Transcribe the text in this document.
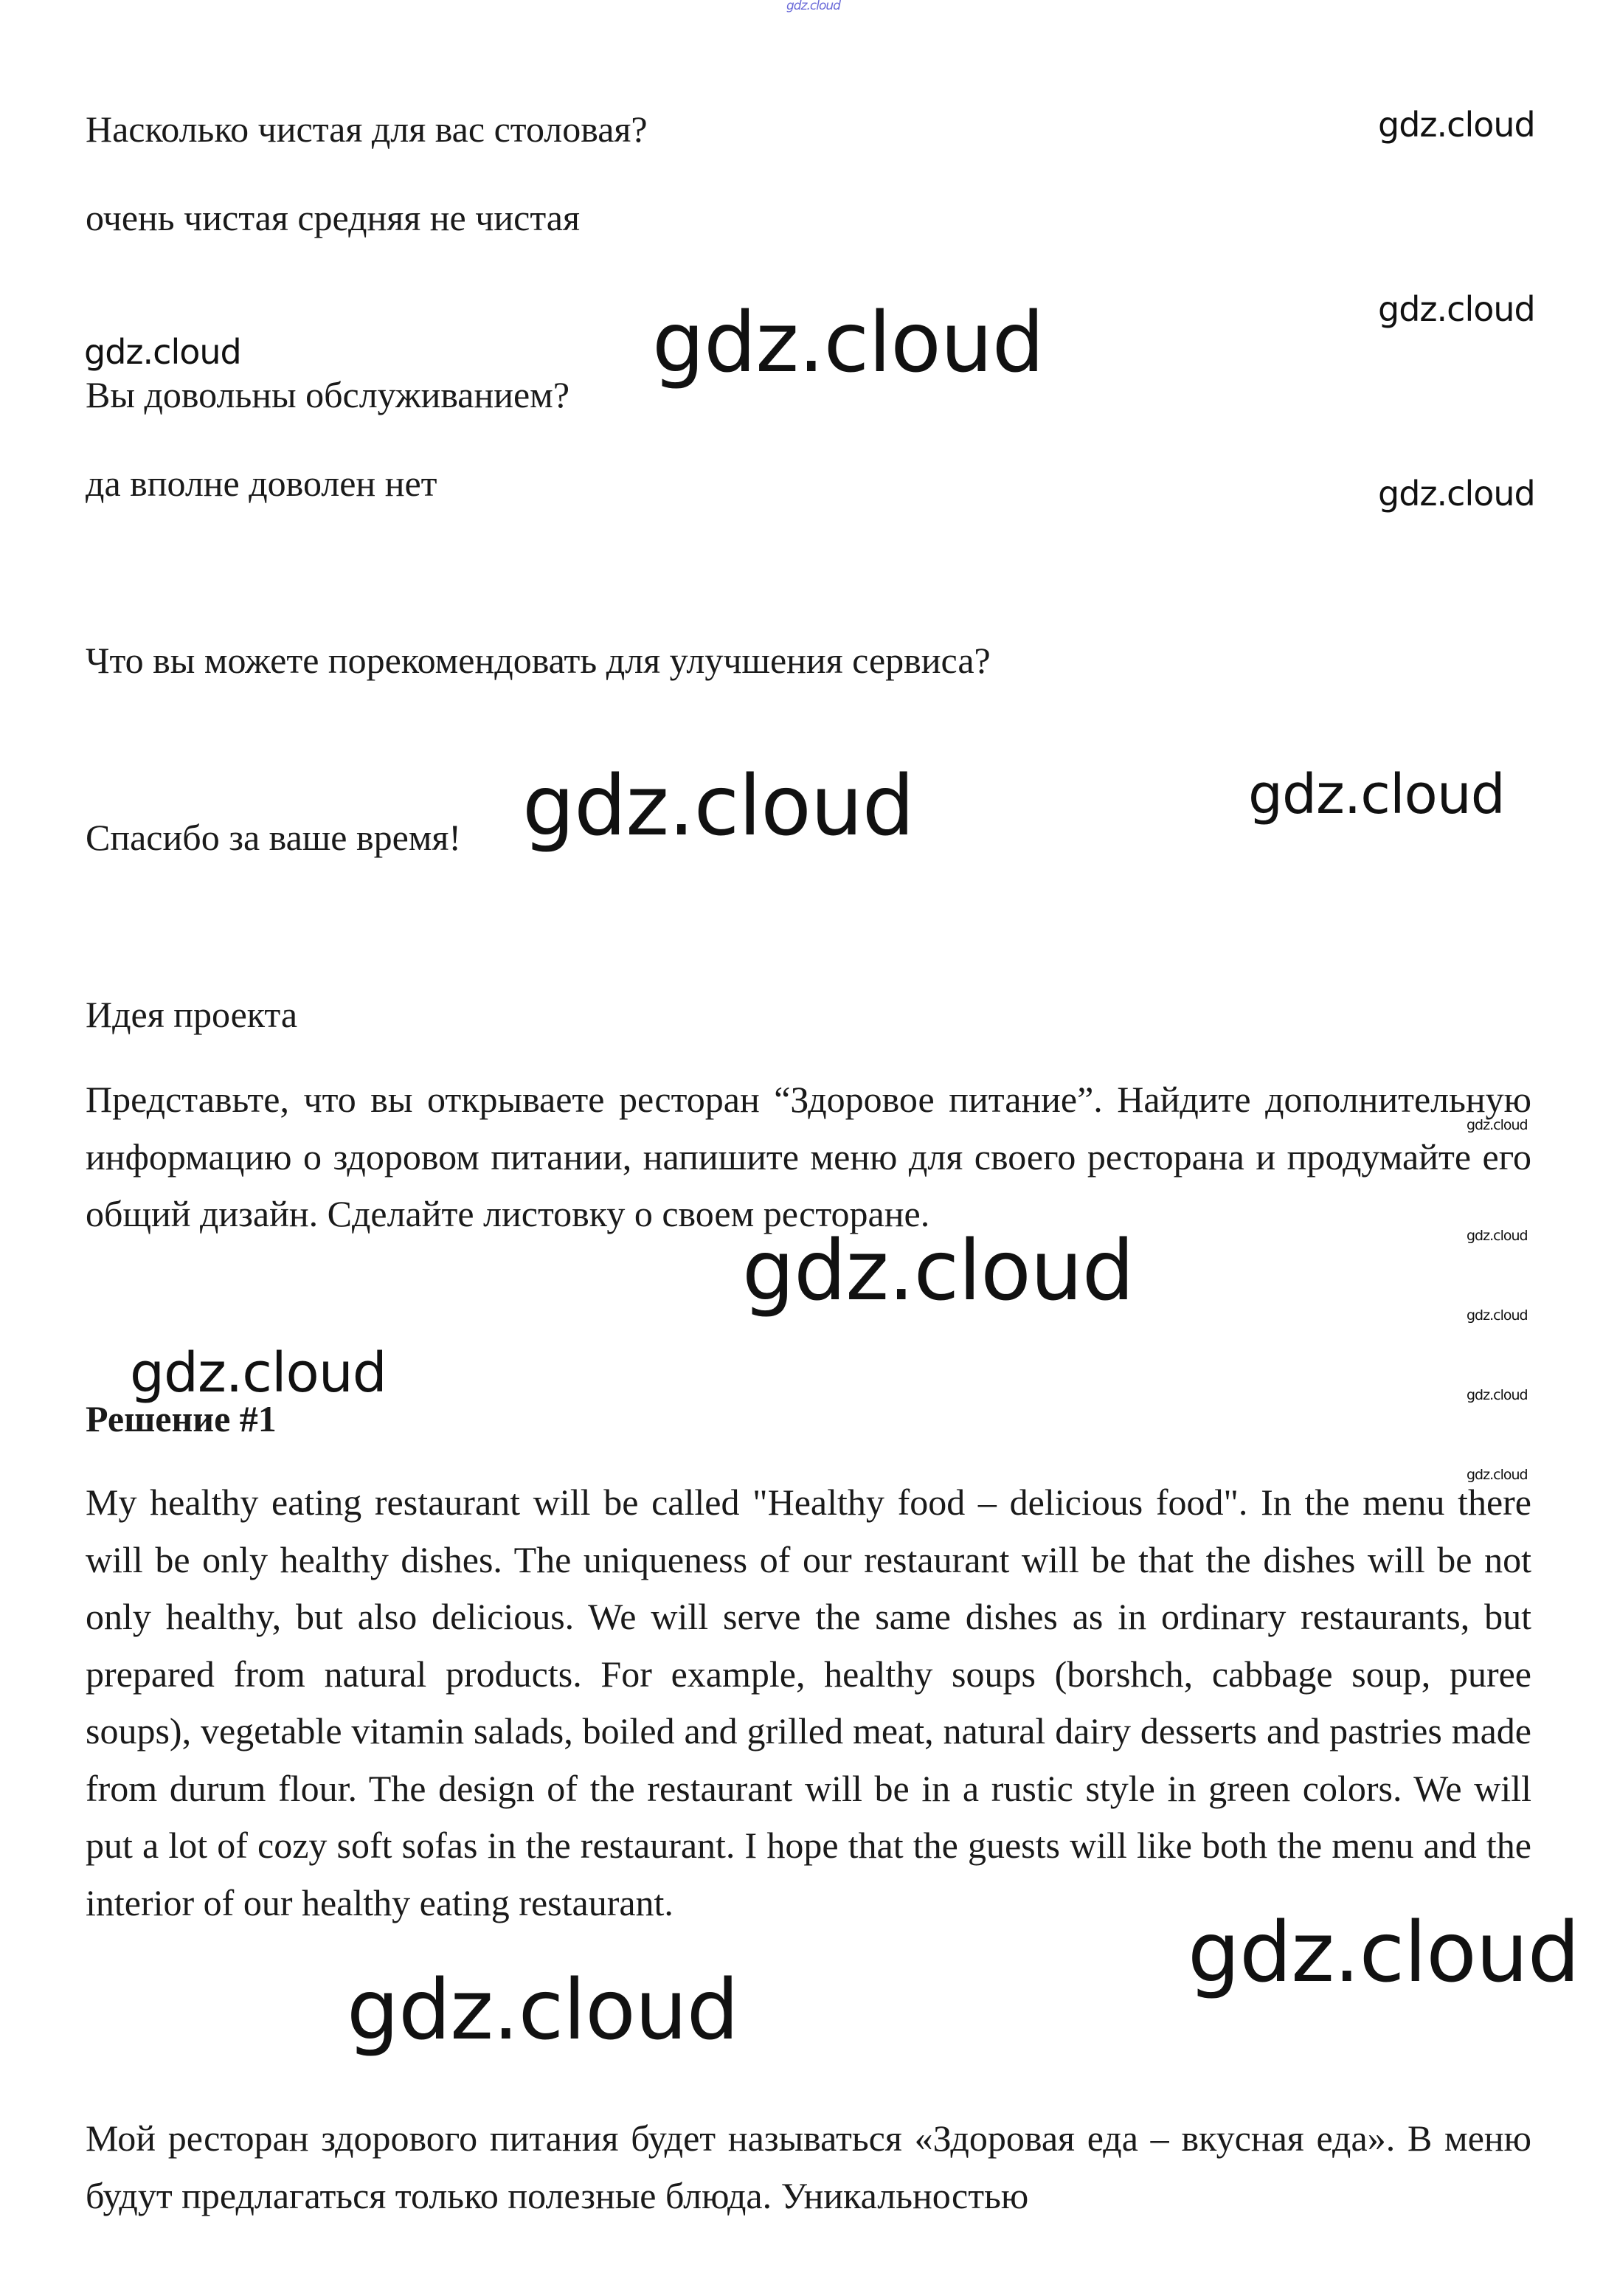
gdz.cloud
Насколько чистая для вас столовая?
очень чистая средняя не чистая
Вы довольны обслуживанием?
да вполне доволен нет
Что вы можете порекомендовать для улучшения сервиса?
Спасибо за ваше время!
Идея проекта
Представьте, что вы открываете ресторан “Здоровое питание”. Найдите дополнительную информацию о здоровом питании, напишите меню для своего ресторана и продумайте его общий дизайн. Сделайте листовку о своем ресторане.
Решение #1
My healthy eating restaurant will be called "Healthy food – delicious food". In the menu there will be only healthy dishes. The uniqueness of our restaurant will be that the dishes will be not only healthy, but also delicious. We will serve the same dishes as in ordinary restaurants, but prepared from natural products. For example, healthy soups (borshch, cabbage soup, puree soups), vegetable vitamin salads, boiled and grilled meat, natural dairy desserts and pastries made from durum flour. The design of the restaurant will be in a rustic style in green colors. We will put a lot of cozy soft sofas in the restaurant. I hope that the guests will like both the menu and the interior of our healthy eating restaurant.
Мой ресторан здорового питания будет называться «Здоровая еда – вкусная еда». В меню будут предлагаться только полезные блюда. Уникальностью
gdz.cloud
gdz.cloud
gdz.cloud
gdz.cloud	gdz.cloud
gdz.cloud	gdz.cloud
gdz.cloud
gdz.cloud
gdz.cloud
gdz.cloud
gdz.cloud
gdz.cloud
gdz.cloud
gdz.cloud
gdz.cloud
